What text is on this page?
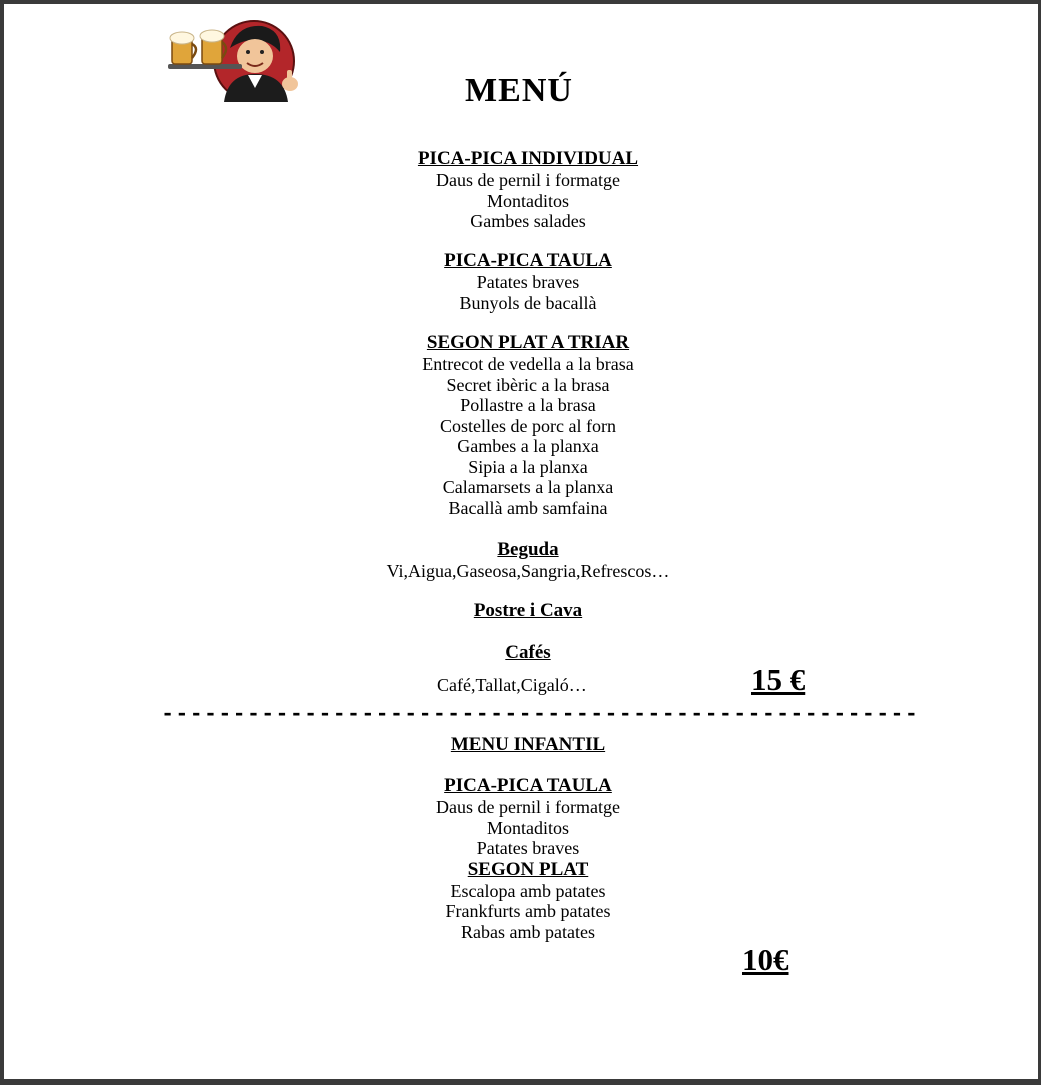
MENÚ
PICA-PICA INDIVIDUAL
Daus de pernil i formatge
Montaditos
Gambes salades
PICA-PICA TAULA
Patates braves
Bunyols de bacallà
SEGON PLAT A TRIAR
Entrecot de vedella a la brasa
Secret ibèric a la brasa
Pollastre a la brasa
Costelles de porc al forn
Gambes a la planxa
Sipia a la planxa
Calamarsets a la planxa
Bacallà amb samfaina
Beguda
Vi,Aigua,Gaseosa,Sangria,Refrescos…
Postre i Cava
Cafés
Café,Tallat,Cigaló…	15 €
-----------------------------------------------------
MENU INFANTIL
PICA-PICA TAULA
Daus de pernil i formatge
Montaditos
Patates braves
SEGON PLAT
Escalopa amb patates
Frankfurts amb patates
Rabas amb patates
10€
